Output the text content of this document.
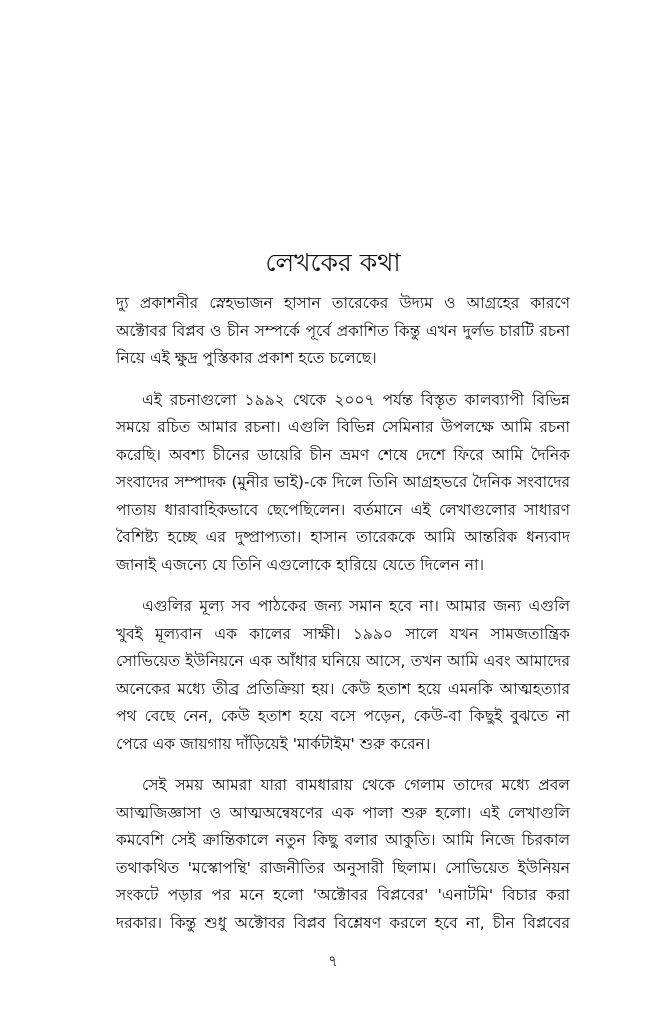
লেখকের কথা

দ্যু প্রকাশনীর স্নেহভাজন হাসান তারেকের উদ্যম ও আগ্রহের কারণে অক্টোবর বিপ্লব ও চীন সম্পর্কে পূর্বে প্রকাশিত কিন্তু এখন দুর্লভ চারটি রচনা নিয়ে এই ক্ষুদ্র পুস্তিকার প্রকাশ হতে চলেছে।

এই রচনাগুলো ১৯৯২ থেকে ২০০৭ পর্যন্ত বিস্তৃত কালব্যাপী বিভিন্ন সময়ে রচিত আমার রচনা। এগুলি বিভিন্ন সেমিনার উপলক্ষে আমি রচনা করেছি। অবশ্য চীনের ডায়েরি চীন ভ্রমণ শেষে দেশে ফিরে আমি দৈনিক সংবাদের সম্পাদক (মুনীর ভাই)-কে দিলে তিনি আগ্রহভরে দৈনিক সংবাদের পাতায় ধারাবাহিকভাবে ছেপেছিলেন। বর্তমানে এই লেখাগুলোর সাধারণ বৈশিষ্ট্য হচ্ছে এর দুষ্প্রাপ্যতা। হাসান তারেককে আমি আন্তরিক ধন্যবাদ জানাই এজন্যে যে তিনি এগুলোকে হারিয়ে যেতে দিলেন না।

এগুলির মূল্য সব পাঠকের জন্য সমান হবে না। আমার জন্য এগুলি খুবই মূল্যবান এক কালের সাক্ষী। ১৯৯০ সালে যখন সামজতান্ত্রিক সোভিয়েত ইউনিয়নে এক আঁধার ঘনিয়ে আসে, তখন আমি এবং আমাদের অনেকের মধ্যে তীব্র প্রতিক্রিয়া হয়। কেউ হতাশ হয়ে এমনকি আত্মহত্যার পথ বেছে নেন, কেউ হতাশ হয়ে বসে পড়েন, কেউ-বা কিছুই বুঝতে না পেরে এক জায়গায় দাঁড়িয়েই 'মার্কটাইম' শুরু করেন।

সেই সময় আমরা যারা বামধারায় থেকে গেলাম তাদের মধ্যে প্রবল আত্মজিজ্ঞাসা ও আত্মঅন্বেষণের এক পালা শুরু হলো। এই লেখাগুলি কমবেশি সেই ক্রান্তিকালে নতুন কিছু বলার আকুতি। আমি নিজে চিরকাল তথাকথিত 'মস্কোপন্থি' রাজনীতির অনুসারী ছিলাম। সোভিয়েত ইউনিয়ন সংকটে পড়ার পর মনে হলো 'অক্টোবর বিপ্লবের' 'এনাটমি' বিচার করা দরকার। কিন্তু শুধু অক্টোবর বিপ্লব বিশ্লেষণ করলে হবে না, চীন বিপ্লবের

৭
